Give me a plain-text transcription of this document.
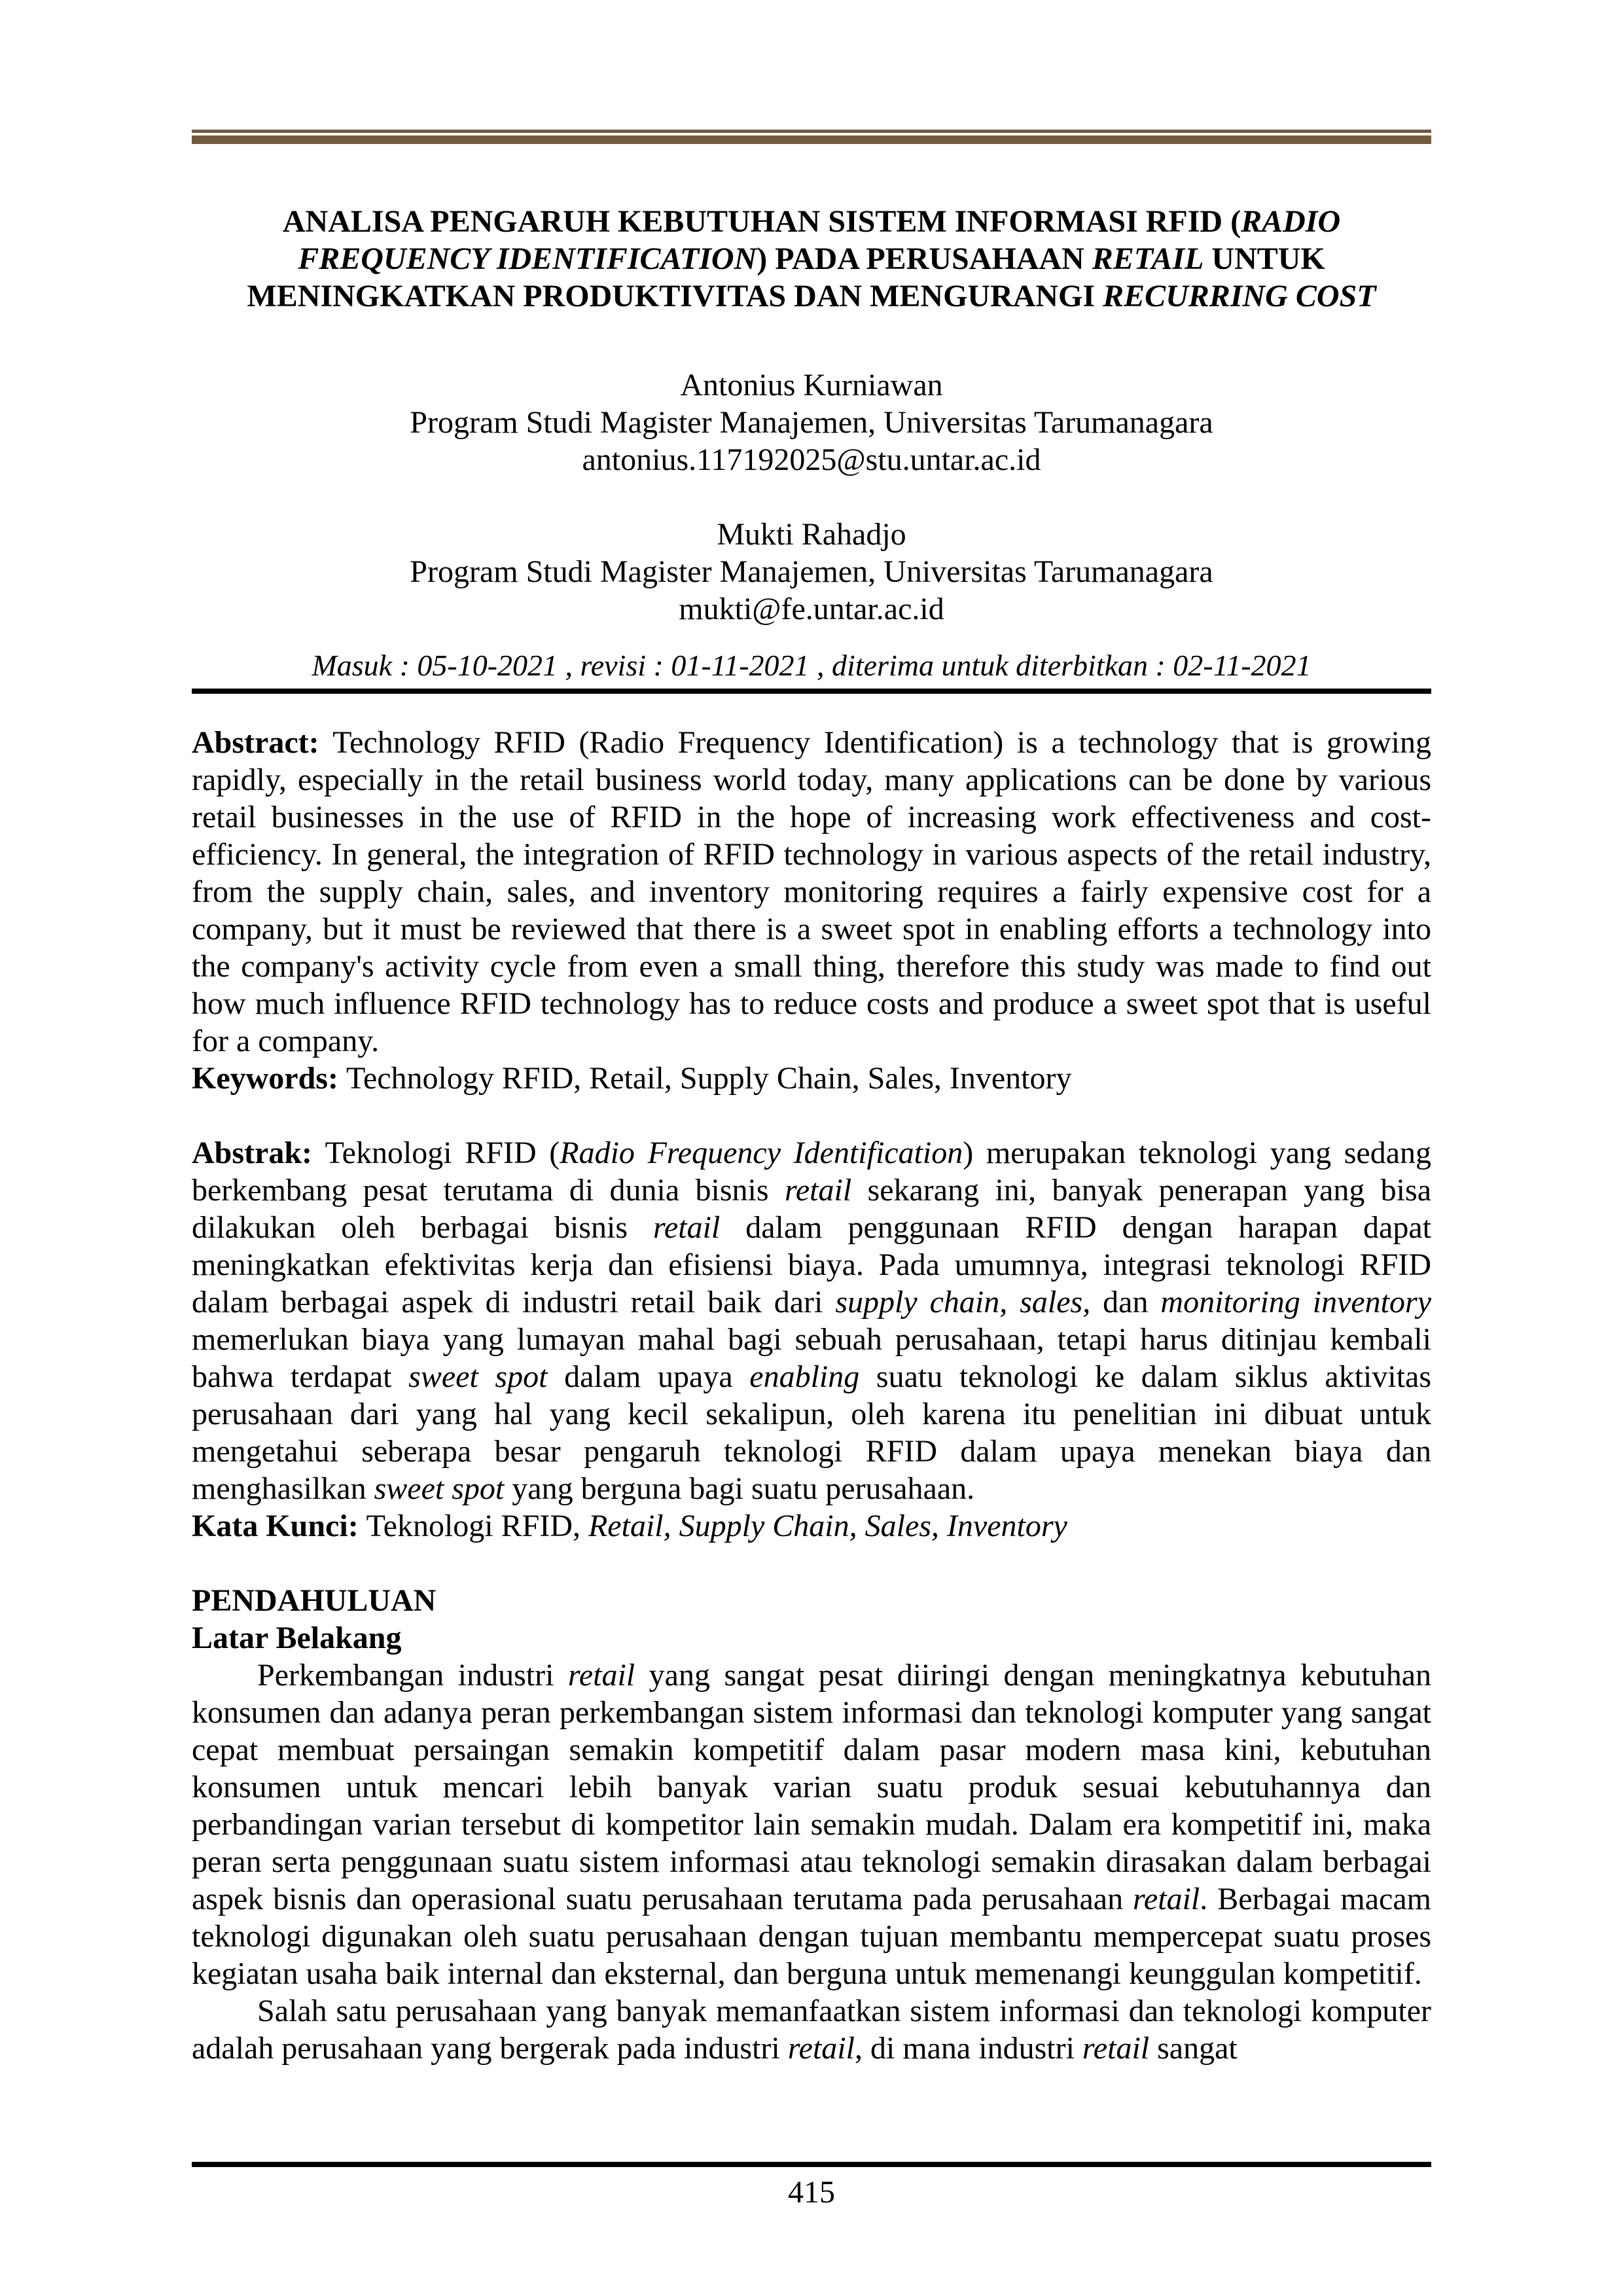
ANALISA PENGARUH KEBUTUHAN SISTEM INFORMASI RFID (RADIO
FREQUENCY IDENTIFICATION) PADA PERUSAHAAN RETAIL UNTUK
MENINGKATKAN PRODUKTIVITAS DAN MENGURANGI RECURRING COST
Antonius Kurniawan
Program Studi Magister Manajemen, Universitas Tarumanagara
antonius.117192025@stu.untar.ac.id
Mukti Rahadjo
Program Studi Magister Manajemen, Universitas Tarumanagara
mukti@fe.untar.ac.id
Masuk : 05-10-2021 , revisi : 01-11-2021 , diterima untuk diterbitkan : 02-11-2021
Abstract: Technology RFID (Radio Frequency Identification) is a technology that is growing rapidly, especially in the retail business world today, many applications can be done by various retail businesses in the use of RFID in the hope of increasing work effectiveness and cost-efficiency. In general, the integration of RFID technology in various aspects of the retail industry, from the supply chain, sales, and inventory monitoring requires a fairly expensive cost for a company, but it must be reviewed that there is a sweet spot in enabling efforts a technology into the company's activity cycle from even a small thing, therefore this study was made to find out how much influence RFID technology has to reduce costs and produce a sweet spot that is useful for a company.
Keywords: Technology RFID, Retail, Supply Chain, Sales, Inventory
Abstrak: Teknologi RFID (Radio Frequency Identification) merupakan teknologi yang sedang berkembang pesat terutama di dunia bisnis retail sekarang ini, banyak penerapan yang bisa dilakukan oleh berbagai bisnis retail dalam penggunaan RFID dengan harapan dapat meningkatkan efektivitas kerja dan efisiensi biaya. Pada umumnya, integrasi teknologi RFID dalam berbagai aspek di industri retail baik dari supply chain, sales, dan monitoring inventory memerlukan biaya yang lumayan mahal bagi sebuah perusahaan, tetapi harus ditinjau kembali bahwa terdapat sweet spot dalam upaya enabling suatu teknologi ke dalam siklus aktivitas perusahaan dari yang hal yang kecil sekalipun, oleh karena itu penelitian ini dibuat untuk mengetahui seberapa besar pengaruh teknologi RFID dalam upaya menekan biaya dan menghasilkan sweet spot yang berguna bagi suatu perusahaan.
Kata Kunci: Teknologi RFID, Retail, Supply Chain, Sales, Inventory
PENDAHULUAN
Latar Belakang
Perkembangan industri retail yang sangat pesat diiringi dengan meningkatnya kebutuhan konsumen dan adanya peran perkembangan sistem informasi dan teknologi komputer yang sangat cepat membuat persaingan semakin kompetitif dalam pasar modern masa kini, kebutuhan konsumen untuk mencari lebih banyak varian suatu produk sesuai kebutuhannya dan perbandingan varian tersebut di kompetitor lain semakin mudah. Dalam era kompetitif ini, maka peran serta penggunaan suatu sistem informasi atau teknologi semakin dirasakan dalam berbagai aspek bisnis dan operasional suatu perusahaan terutama pada perusahaan retail. Berbagai macam teknologi digunakan oleh suatu perusahaan dengan tujuan membantu mempercepat suatu proses kegiatan usaha baik internal dan eksternal, dan berguna untuk memenangi keunggulan kompetitif.
Salah satu perusahaan yang banyak memanfaatkan sistem informasi dan teknologi komputer adalah perusahaan yang bergerak pada industri retail, di mana industri retail sangat
415
